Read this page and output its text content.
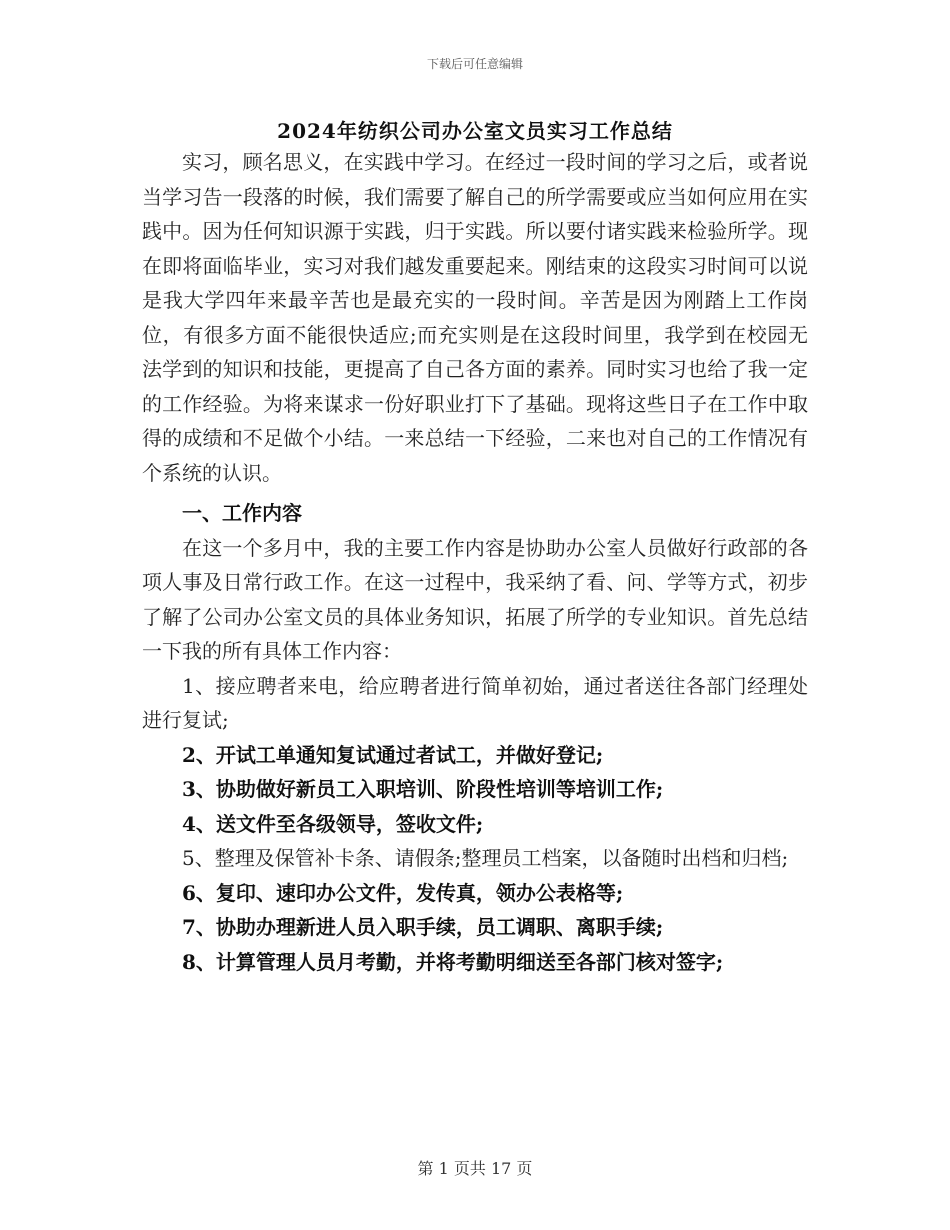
下载后可任意编辑
2024年纺织公司办公室文员实习工作总结

实习，顾名思义，在实践中学习。在经过一段时间的学习之后，或者说当学习告一段落的时候，我们需要了解自己的所学需要或应当如何应用在实践中。因为任何知识源于实践，归于实践。所以要付诸实践来检验所学。现在即将面临毕业，实习对我们越发重要起来。刚结束的这段实习时间可以说是我大学四年来最辛苦也是最充实的一段时间。辛苦是因为刚踏上工作岗位，有很多方面不能很快适应;而充实则是在这段时间里，我学到在校园无法学到的知识和技能，更提高了自己各方面的素养。同时实习也给了我一定的工作经验。为将来谋求一份好职业打下了基础。现将这些日子在工作中取得的成绩和不足做个小结。一来总结一下经验，二来也对自己的工作情况有个系统的认识。

一、工作内容

在这一个多月中，我的主要工作内容是协助办公室人员做好行政部的各项人事及日常行政工作。在这一过程中，我采纳了看、问、学等方式，初步了解了公司办公室文员的具体业务知识，拓展了所学的专业知识。首先总结一下我的所有具体工作内容：

1、接应聘者来电，给应聘者进行简单初始，通过者送往各部门经理处进行复试;

2、开试工单通知复试通过者试工，并做好登记;

3、协助做好新员工入职培训、阶段性培训等培训工作;

4、送文件至各级领导，签收文件;

5、整理及保管补卡条、请假条;整理员工档案，以备随时出档和归档;

6、复印、速印办公文件，发传真，领办公表格等;

7、协助办理新进人员入职手续，员工调职、离职手续;

8、计算管理人员月考勤，并将考勤明细送至各部门核对签字;

第 1 页共 17 页
